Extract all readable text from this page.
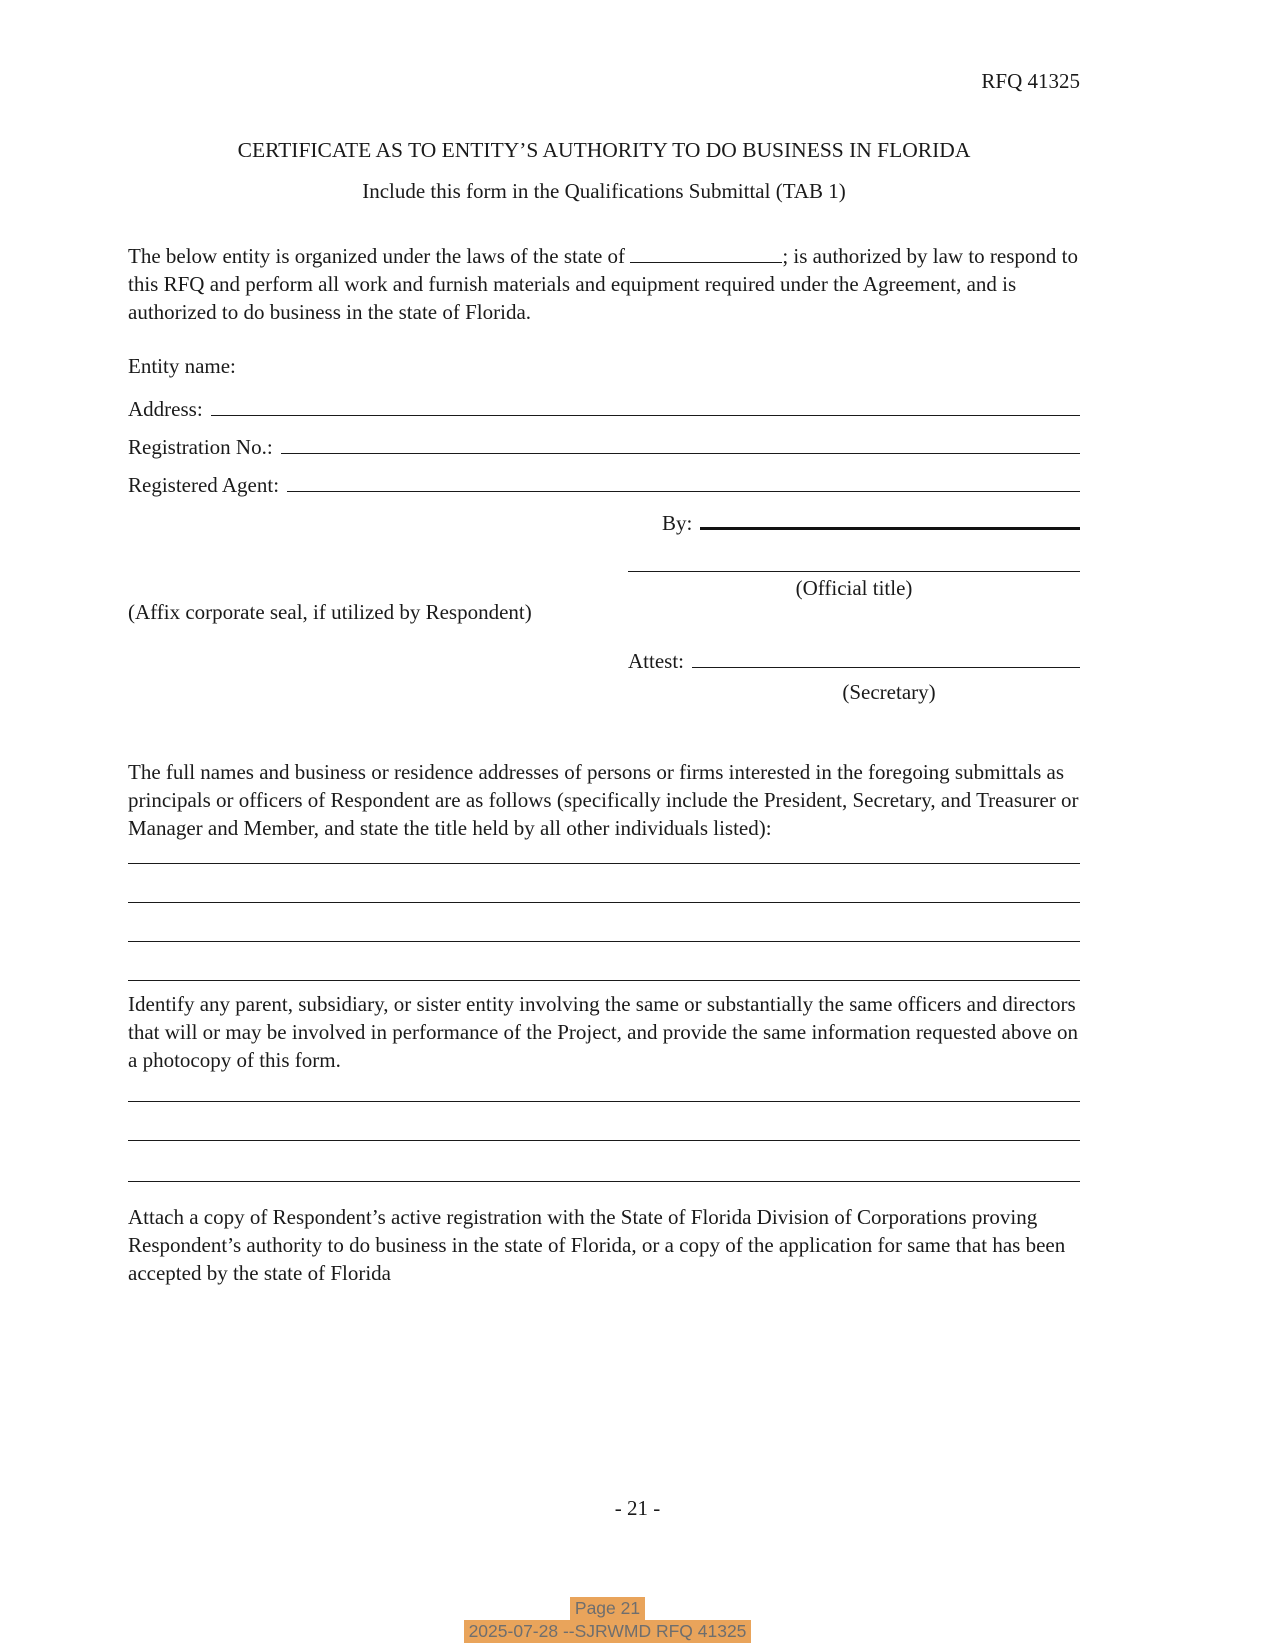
RFQ 41325

CERTIFICATE AS TO ENTITY’S AUTHORITY TO DO BUSINESS IN FLORIDA

Include this form in the Qualifications Submittal (TAB 1)

The below entity is organized under the laws of the state of	; is authorized by law to respond to this RFQ and perform all work and furnish materials and equipment required under the Agreement, and is authorized to do business in the state of Florida.

Entity name:
Address:
Registration No.:
Registered Agent:
By:
(Official title)
(Affix corporate seal, if utilized by Respondent)
Attest:
(Secretary)

The full names and business or residence addresses of persons or firms interested in the foregoing submittals as principals or officers of Respondent are as follows (specifically include the President, Secretary, and Treasurer or Manager and Member, and state the title held by all other individuals listed):

Identify any parent, subsidiary, or sister entity involving the same or substantially the same officers and directors that will or may be involved in performance of the Project, and provide the same information requested above on a photocopy of this form.

Attach a copy of Respondent’s active registration with the State of Florida Division of Corporations proving Respondent’s authority to do business in the state of Florida, or a copy of the application for same that has been accepted by the state of Florida

- 21 -
Page 21
2025-07-28 --SJRWMD RFQ 41325
